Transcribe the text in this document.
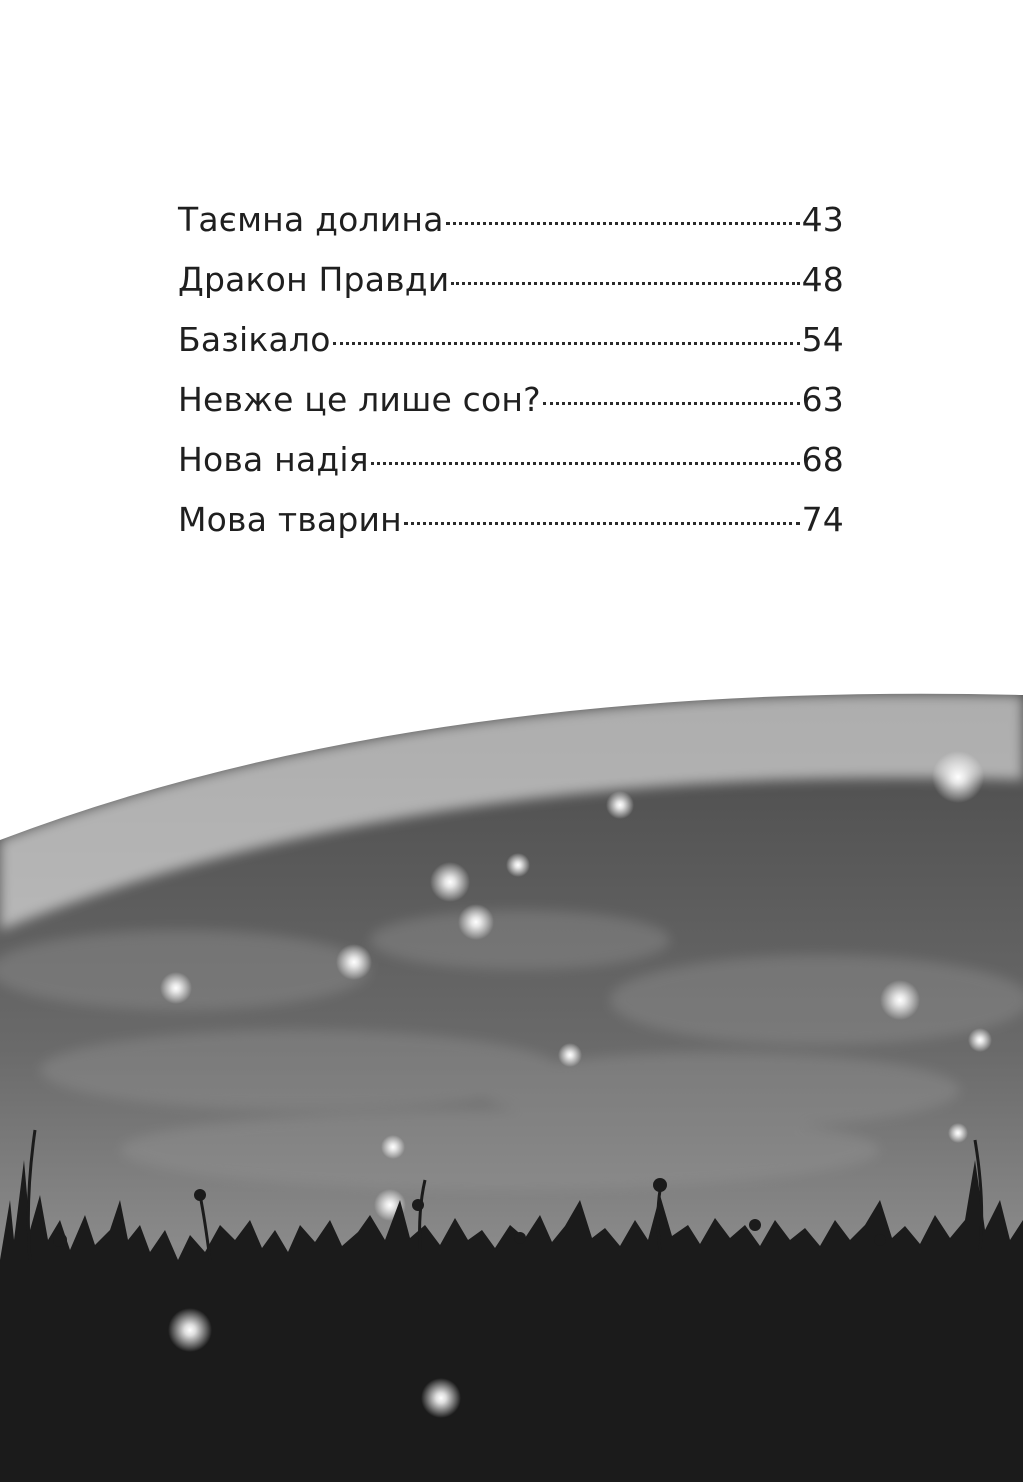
Таємна долина	43
Дракон Правди	48
Базікало	54
Невже це лише сон?	63
Нова надія	68
Мова тварин	74
